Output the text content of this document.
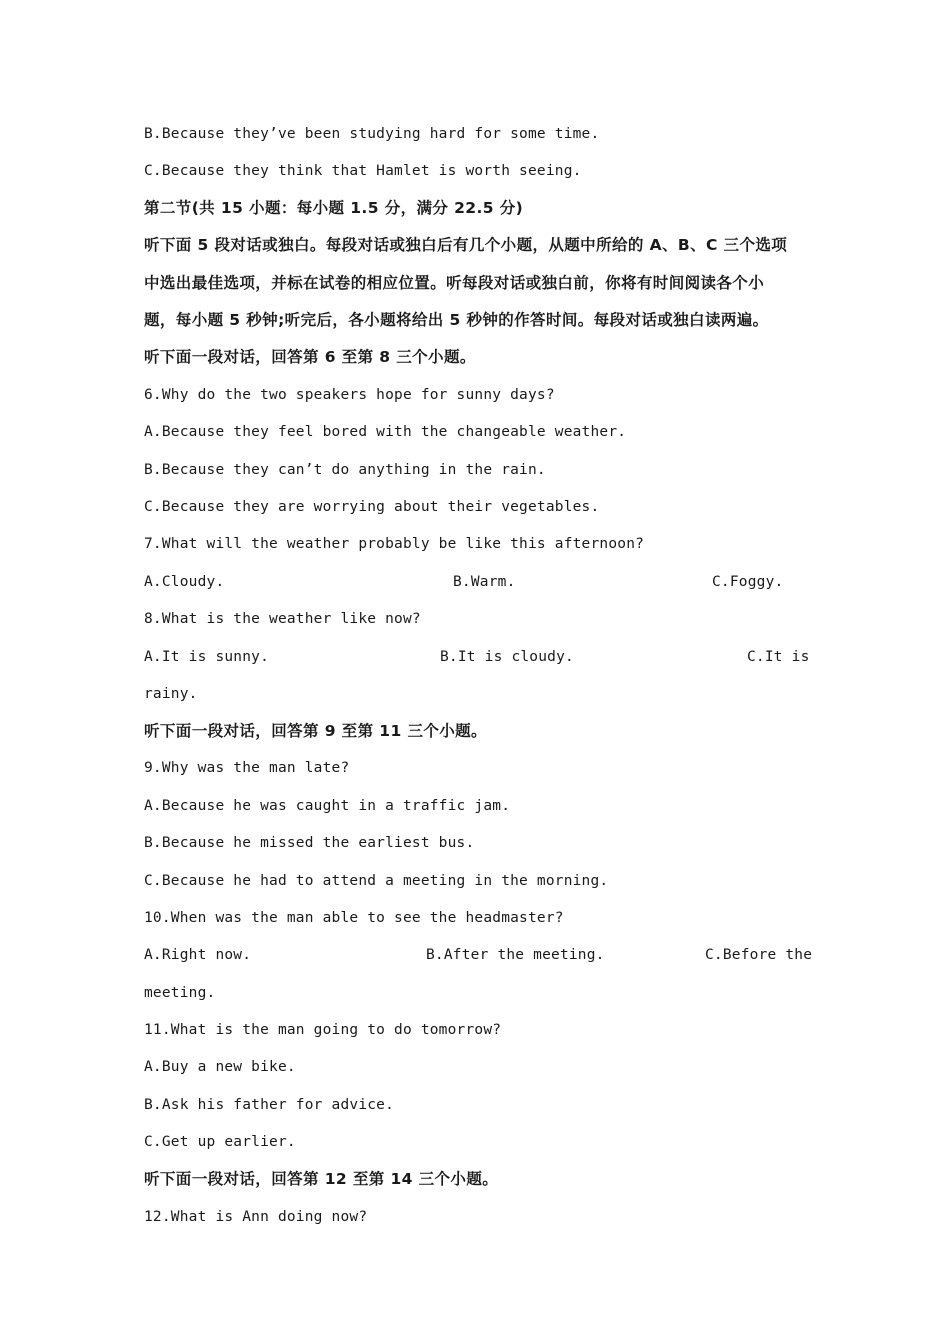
B.Because they’ve been studying hard for some time.
C.Because they think that Hamlet is worth seeing.
第二节(共 15 小题：每小题 1.5 分，满分 22.5 分)
听下面 5 段对话或独白。每段对话或独白后有几个小题，从题中所给的 A、B、C 三个选项
中选出最佳选项，并标在试卷的相应位置。听每段对话或独白前，你将有时间阅读各个小
题，每小题 5 秒钟;听完后，各小题将给出 5 秒钟的作答时间。每段对话或独白读两遍。
听下面一段对话，回答第 6 至第 8 三个小题。
6.Why do the two speakers hope for sunny days?
A.Because they feel bored with the changeable weather.
B.Because they can’t do anything in the rain.
C.Because they are worrying about their vegetables.
7.What will the weather probably be like this afternoon?

A.Cloudy.

	B.Warm.

	C.Foggy.

8.What is the weather like now?

A.It is sunny.

	B.It is cloudy.

	C.It is

rainy.
听下面一段对话，回答第 9 至第 11 三个小题。
9.Why was the man late?
A.Because he was caught in a traffic jam.
B.Because he missed the earliest bus.
C.Because he had to attend a meeting in the morning.
10.When was the man able to see the headmaster?

A.Right now.

	B.After the meeting.

	C.Before the

meeting.
11.What is the man going to do tomorrow?
A.Buy a new bike.
B.Ask his father for advice.
C.Get up earlier.
听下面一段对话，回答第 12 至第 14 三个小题。
12.What is Ann doing now?
